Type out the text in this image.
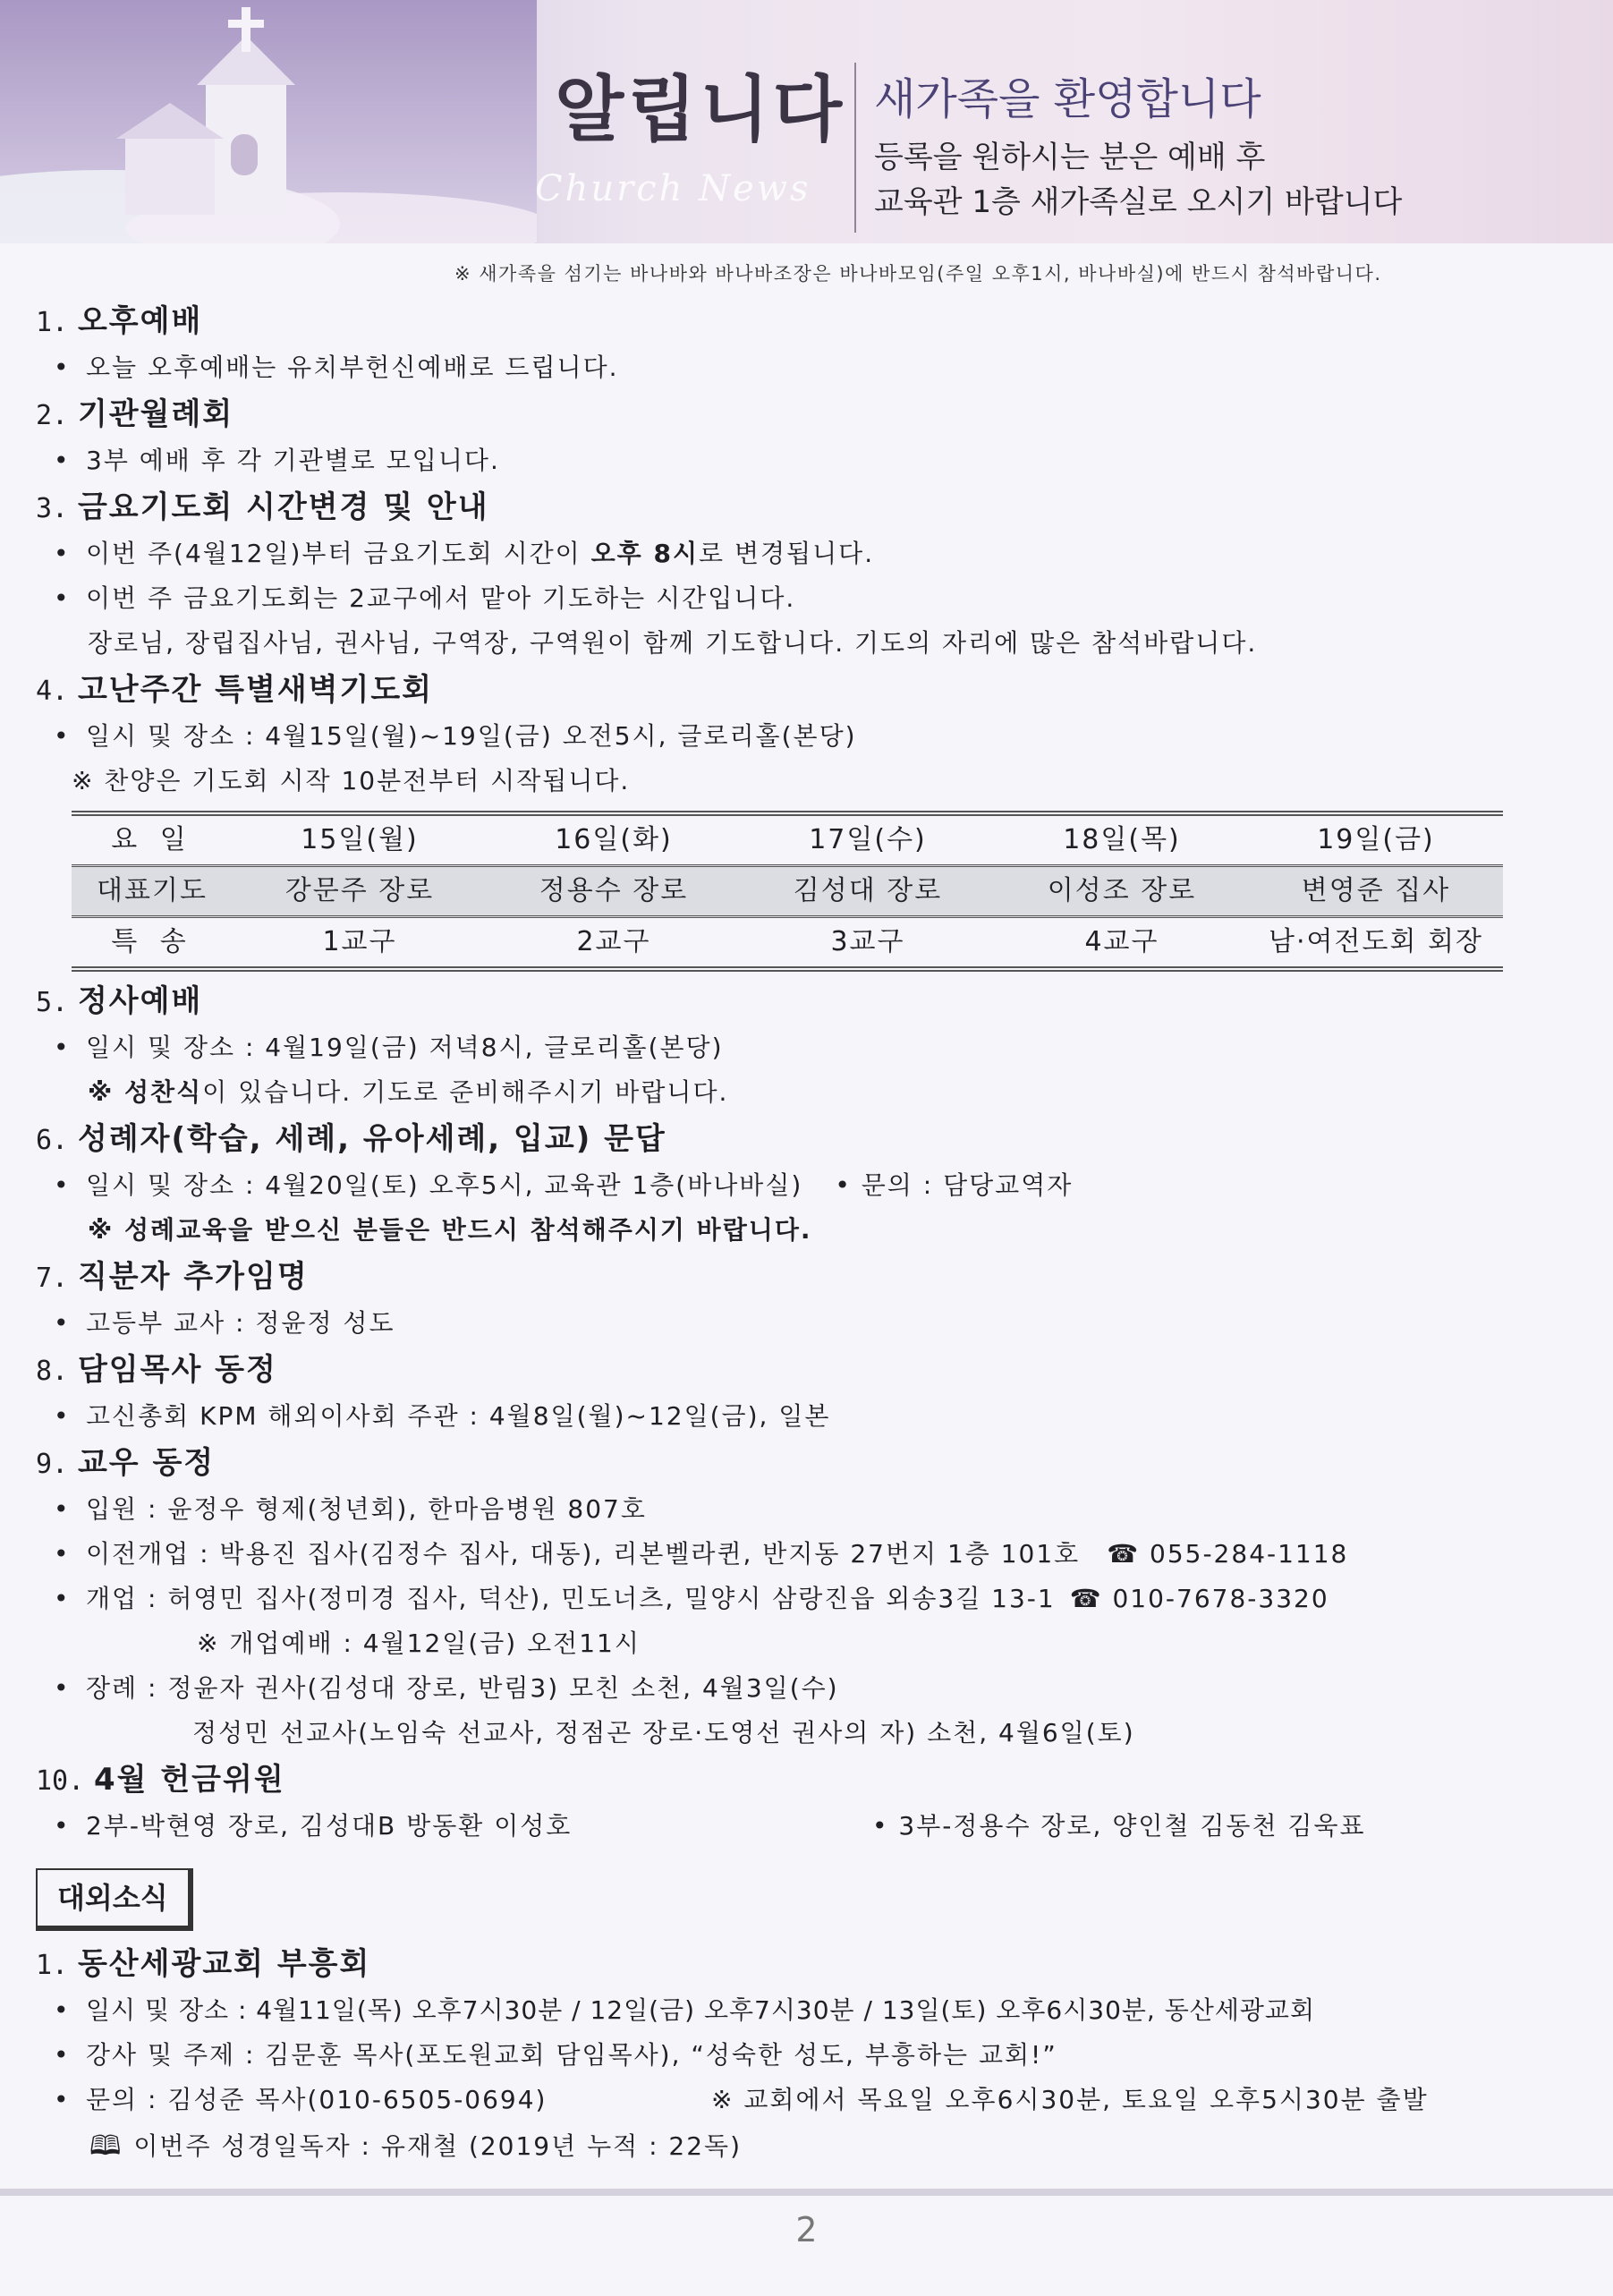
알립니다
Church News
새가족을 환영합니다
등록을 원하시는 분은 예배 후
교육관 1층 새가족실로 오시기 바랍니다
※ 새가족을 섬기는 바나바와 바나바조장은 바나바모임(주일 오후1시, 바나바실)에 반드시 참석바랍니다.
1. 오후예배
• 오늘 오후예배는 유치부헌신예배로 드립니다.
2. 기관월례회
• 3부 예배 후 각 기관별로 모입니다.
3. 금요기도회 시간변경 및 안내
• 이번 주(4월12일)부터 금요기도회 시간이 오후 8시로 변경됩니다.
• 이번 주 금요기도회는 2교구에서 맡아 기도하는 시간입니다.
장로님, 장립집사님, 권사님, 구역장, 구역원이 함께 기도합니다. 기도의 자리에 많은 참석바랍니다.
4. 고난주간 특별새벽기도회
• 일시 및 장소 : 4월15일(월)~19일(금) 오전5시, 글로리홀(본당)
※ 찬양은 기도회 시작 10분전부터 시작됩니다.
요 일	15일(월)	16일(화)	17일(수)	18일(목)	19일(금)
대표기도	강문주 장로	정용수 장로	김성대 장로	이성조 장로	변영준 집사
특 송	1교구	2교구	3교구	4교구	남·여전도회 회장
5. 정사예배
• 일시 및 장소 : 4월19일(금) 저녁8시, 글로리홀(본당)
※ 성찬식이 있습니다. 기도로 준비해주시기 바랍니다.
6. 성례자(학습, 세례, 유아세례, 입교) 문답
• 일시 및 장소 : 4월20일(토) 오후5시, 교육관 1층(바나바실) • 문의 : 담당교역자
※ 성례교육을 받으신 분들은 반드시 참석해주시기 바랍니다.
7. 직분자 추가임명
• 고등부 교사 : 정윤정 성도
8. 담임목사 동정
• 고신총회 KPM 해외이사회 주관 : 4월8일(월)~12일(금), 일본
9. 교우 동정
• 입원 : 윤정우 형제(청년회), 한마음병원 807호
• 이전개업 : 박용진 집사(김정수 집사, 대동), 리본벨라퀸, 반지동 27번지 1층 101호 ☎ 055-284-1118
• 개업 : 허영민 집사(정미경 집사, 덕산), 민도너츠, 밀양시 삼랑진읍 외송3길 13-1 ☎ 010-7678-3320
※ 개업예배 : 4월12일(금) 오전11시
• 장례 : 정윤자 권사(김성대 장로, 반림3) 모친 소천, 4월3일(수)
정성민 선교사(노임숙 선교사, 정점곤 장로·도영선 권사의 자) 소천, 4월6일(토)
10. 4월 헌금위원
• 2부-박현영 장로, 김성대B 방동환 이성호	• 3부-정용수 장로, 양인철 김동천 김욱표
대외소식
1. 동산세광교회 부흥회
• 일시 및 장소 : 4월11일(목) 오후7시30분 / 12일(금) 오후7시30분 / 13일(토) 오후6시30분, 동산세광교회
• 강사 및 주제 : 김문훈 목사(포도원교회 담임목사), “성숙한 성도, 부흥하는 교회!”
• 문의 : 김성준 목사(010-6505-0694)	※ 교회에서 목요일 오후6시30분, 토요일 오후5시30분 출발
🕮 이번주 성경일독자 : 유재철 (2019년 누적 : 22독)
2
